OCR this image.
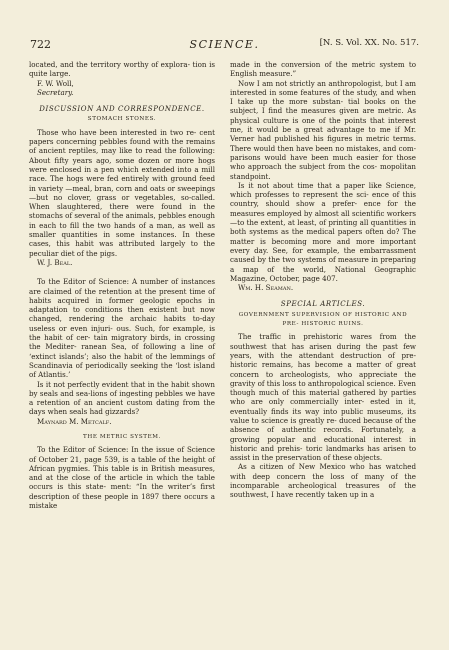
722	SCIENCE.	[N. S. Vol. XX. No. 517.

located, and the territory worthy of explora- tion is quite large.

F. W. Woll,

Secretary.

DISCUSSION AND CORRESPONDENCE.
STOMACH STONES.

Those who have been interested in two re- cent papers concerning pebbles found with the remains of ancient reptiles, may like to read the following: About fifty years ago, some dozen or more hogs were enclosed in a pen which extended into a mill race. The hogs were fed entirely with ground feed in variety —meal, bran, corn and oats or sweepings—but no clover, grass or vegetables, so-called. When slaughtered, there were found in the stomachs of several of the animals, pebbles enough in each to fill the two hands of a man, as well as smaller quantities in some instances. In these cases, this habit was attributed largely to the peculiar diet of the pigs.

W. J. Beal.

To the Editor of Science: A number of instances are claimed of the retention at the present time of habits acquired in former geologic epochs in adaptation to conditions then existent but now changed, rendering the archaic habits to-day useless or even injuri- ous. Such, for example, is the habit of cer- tain migratory birds, in crossing the Mediter- ranean Sea, of following a line of ‘extinct islands’; also the habit of the lemmings of Scandinavia of periodically seeking the ‘lost island of Atlantis.’

Is it not perfectly evident that in the habit shown by seals and sea-lions of ingesting pebbles we have a retention of an ancient custom dating from the days when seals had gizzards?

Maynard M. Metcalf.

THE METRIC SYSTEM.

To the Editor of Science: In the issue of Science of October 21, page 539, is a table of the height of African pygmies. This table is in British measures, and at the close of the article in which the table occurs is this state- ment: “In the writer’s first description of these people in 1897 there occurs a mistake

made in the conversion of the metric system to English measure.”

Now I am not strictly an anthropologist, but I am interested in some features of the study, and when I take up the more substan- tial books on the subject, I find the measures given are metric. As physical culture is one of the points that interest me, it would be a great advantage to me if Mr. Verner had published his figures in metric terms. There would then have been no mistakes, and com- parisons would have been much easier for those who approach the subject from the cos- mopolitan standpoint.

Is it not about time that a paper like Science, which professes to represent the sci- ence of this country, should show a prefer- ence for the measures employed by almost all scientific workers—to the extent, at least, of printing all quantities in both systems as the medical papers often do? The matter is becoming more and more important every day. See, for example, the embarrassment caused by the two systems of measure in preparing a map of the world, National Geographic Magazine, October, page 407.

Wm. H. Seaman.

SPECIAL ARTICLES.
GOVERNMENT SUPERVISION OF HISTORIC AND PRE- HISTORIC RUINS.

The traffic in prehistoric wares from the southwest that has arisen during the past few years, with the attendant destruction of pre- historic remains, has become a matter of great concern to archeologists, who appreciate the gravity of this loss to anthropological science. Even though much of this material gathered by parties who are only commercially inter- ested in it, eventually finds its way into public museums, its value to science is greatly re- duced because of the absence of authentic records. Fortunately, a growing popular and educational interest in historic and prehis- toric landmarks has arisen to assist in the preservation of these objects.

As a citizen of New Mexico who has watched with deep concern the loss of many of the incomparable archeological treasures of the southwest, I have recently taken up in a
